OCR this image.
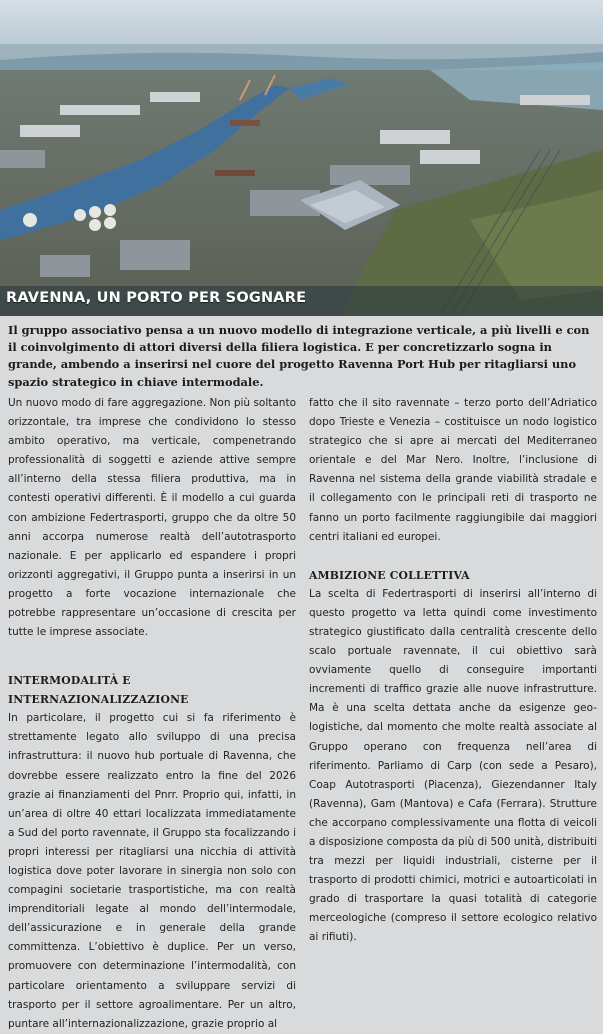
RAVENNA, UN PORTO PER SOGNARE
Il gruppo associativo pensa a un nuovo modello di integrazione verticale, a più livelli e con il coinvolgimento di attori diversi della filiera logistica. E per concretizzarlo sogna in grande, ambendo a inserirsi nel cuore del progetto Ravenna Port Hub per ritagliarsi uno spazio strategico in chiave intermodale.

Un nuovo modo di fare aggregazione. Non più soltanto orizzontale, tra imprese che condividono lo stesso ambito operativo, ma verticale, compenetrando professionalità di soggetti e aziende attive sempre all’interno della stessa filiera produttiva, ma in contesti operativi differenti. È il modello a cui guarda con ambizione Federtrasporti, gruppo che da oltre 50 anni accorpa numerose realtà dell’autotrasporto nazionale. E per applicarlo ed espandere i propri orizzonti aggregativi, il Gruppo punta a inserirsi in un progetto a forte vocazione internazionale che potrebbe rappresentare un’occasione di crescita per tutte le imprese associate.

INTERMODALITÀ E INTERNAZIONALIZZAZIONE

In particolare, il progetto cui si fa riferimento è strettamente legato allo sviluppo di una precisa infrastruttura: il nuovo hub portuale di Ravenna, che dovrebbe essere realizzato entro la fine del 2026 grazie ai finanziamenti del Pnrr. Proprio qui, infatti, in un’area di oltre 40 ettari localizzata immediatamente a Sud del porto ravennate, il Gruppo sta focalizzando i propri interessi per ritagliarsi una nicchia di attività logistica dove poter lavorare in sinergia non solo con compagini societarie trasportistiche, ma con realtà imprenditoriali legate al mondo dell’intermodale, dell’assicurazione e in generale della grande committenza. L’obiettivo è duplice. Per un verso, promuovere con determinazione l’intermodalità, con particolare orientamento a sviluppare servizi di trasporto per il settore agroalimentare. Per un altro, puntare all’internazionalizzazione, grazie proprio al

fatto che il sito ravennate – terzo porto dell’Adriatico dopo Trieste e Venezia – costituisce un nodo logistico strategico che si apre ai mercati del Mediterraneo orientale e del Mar Nero. Inoltre, l’inclusione di Ravenna nel sistema della grande viabilità stradale e il collegamento con le principali reti di trasporto ne fanno un porto facilmente raggiungibile dai maggiori centri italiani ed europei.

AMBIZIONE COLLETTIVA

La scelta di Federtrasporti di inserirsi all’interno di questo progetto va letta quindi come investimento strategico giustificato dalla centralità crescente dello scalo portuale ravennate, il cui obiettivo sarà ovviamente quello di conseguire importanti incrementi di traffico grazie alle nuove infrastrutture. Ma è una scelta dettata anche da esigenze geo-logistiche, dal momento che molte realtà associate al Gruppo operano con frequenza nell’area di riferimento. Parliamo di Carp (con sede a Pesaro), Coap Autotrasporti (Piacenza), Giezendanner Italy (Ravenna), Gam (Mantova) e Cafa (Ferrara). Strutture che accorpano complessivamente una flotta di veicoli a disposizione composta da più di 500 unità, distribuiti tra mezzi per liquidi industriali, cisterne per il trasporto di prodotti chimici, motrici e autoarticolati in grado di trasportare la quasi totalità di categorie merceologiche (compreso il settore ecologico relativo ai rifiuti).
